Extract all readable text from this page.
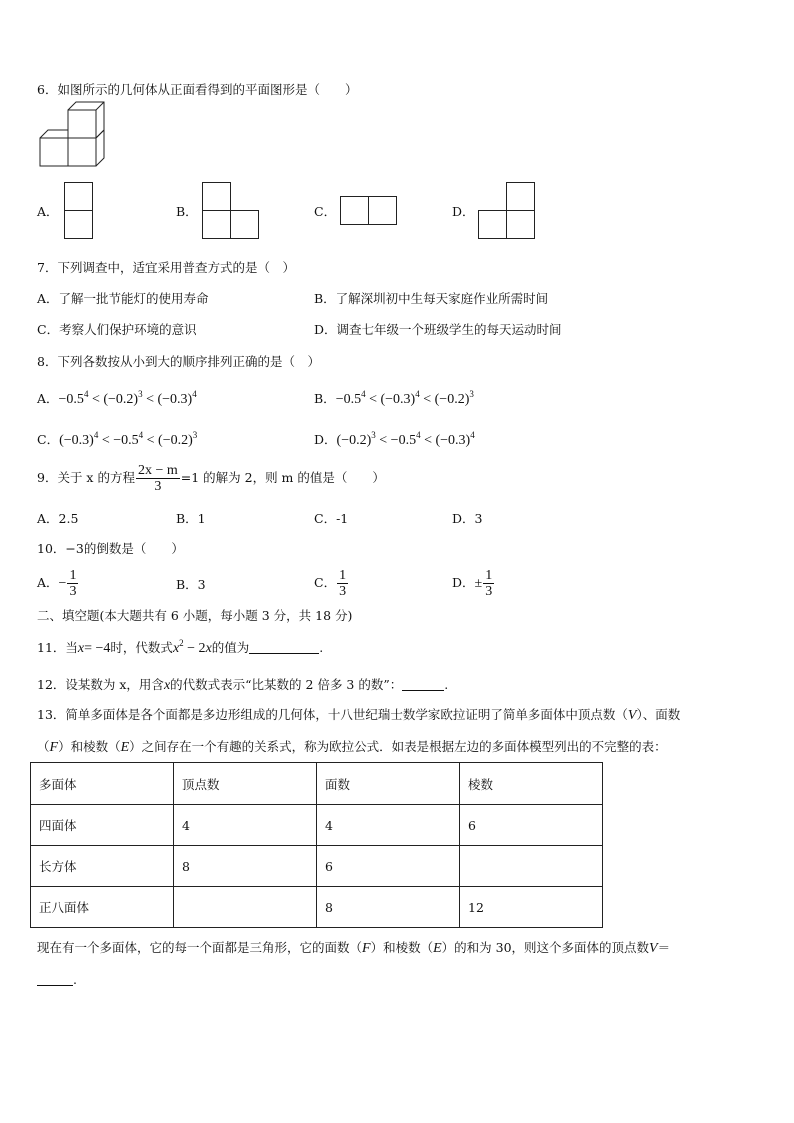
6．如图所示的几何体从正面看得到的平面图形是（　　）
A．	B．	C．	D．
7．下列调查中，适宜采用普查方式的是（　）
A．了解一批节能灯的使用寿命	B．了解深圳初中生每天家庭作业所需时间
C．考察人们保护环境的意识	D．调查七年级一个班级学生的每天运动时间
8．下列各数按从小到大的顺序排列正确的是（　）
A．$-0.5^4 < (-0.2)^3 < (-0.3)^4$	B．$-0.5^4 < (-0.3)^4 < (-0.2)^3$
C．$(-0.3)^4 < -0.5^4 < (-0.2)^3$	D．$(-0.2)^3 < -0.5^4 < (-0.3)^4$
9．关于 x 的方程 $\frac{2x - m}{3} =1$ 的解为 2，则 m 的值是（　　）
A．2.5	B．1	C．-1	D．3
10．−3的倒数是（　　）
A．− $\frac{1}{3}$	B．3	C． $\frac{1}{3}$	D．± $\frac{1}{3}$
二、填空题(本大题共有 6 小题，每小题 3 分，共 18 分)
11．当x= −4时，代数式$x^2 - 2x$的值为	.
12．设某数为 x，用含x的代数式表示“比某数的 2 倍多 3 的数”：	.
13．简单多面体是各个面都是多边形组成的几何体，十八世纪瑞士数学家欧拉证明了简单多面体中顶点数（V）、面数
（F）和棱数（E）之间存在一个有趣的关系式，称为欧拉公式．如表是根据左边的多面体模型列出的不完整的表：
多面体	顶点数	面数	棱数
四面体	4	4	6
长方体	8	6	
正八面体		8	12
现在有一个多面体，它的每一个面都是三角形，它的面数（F）和棱数（E）的和为 30，则这个多面体的顶点数V＝
.
